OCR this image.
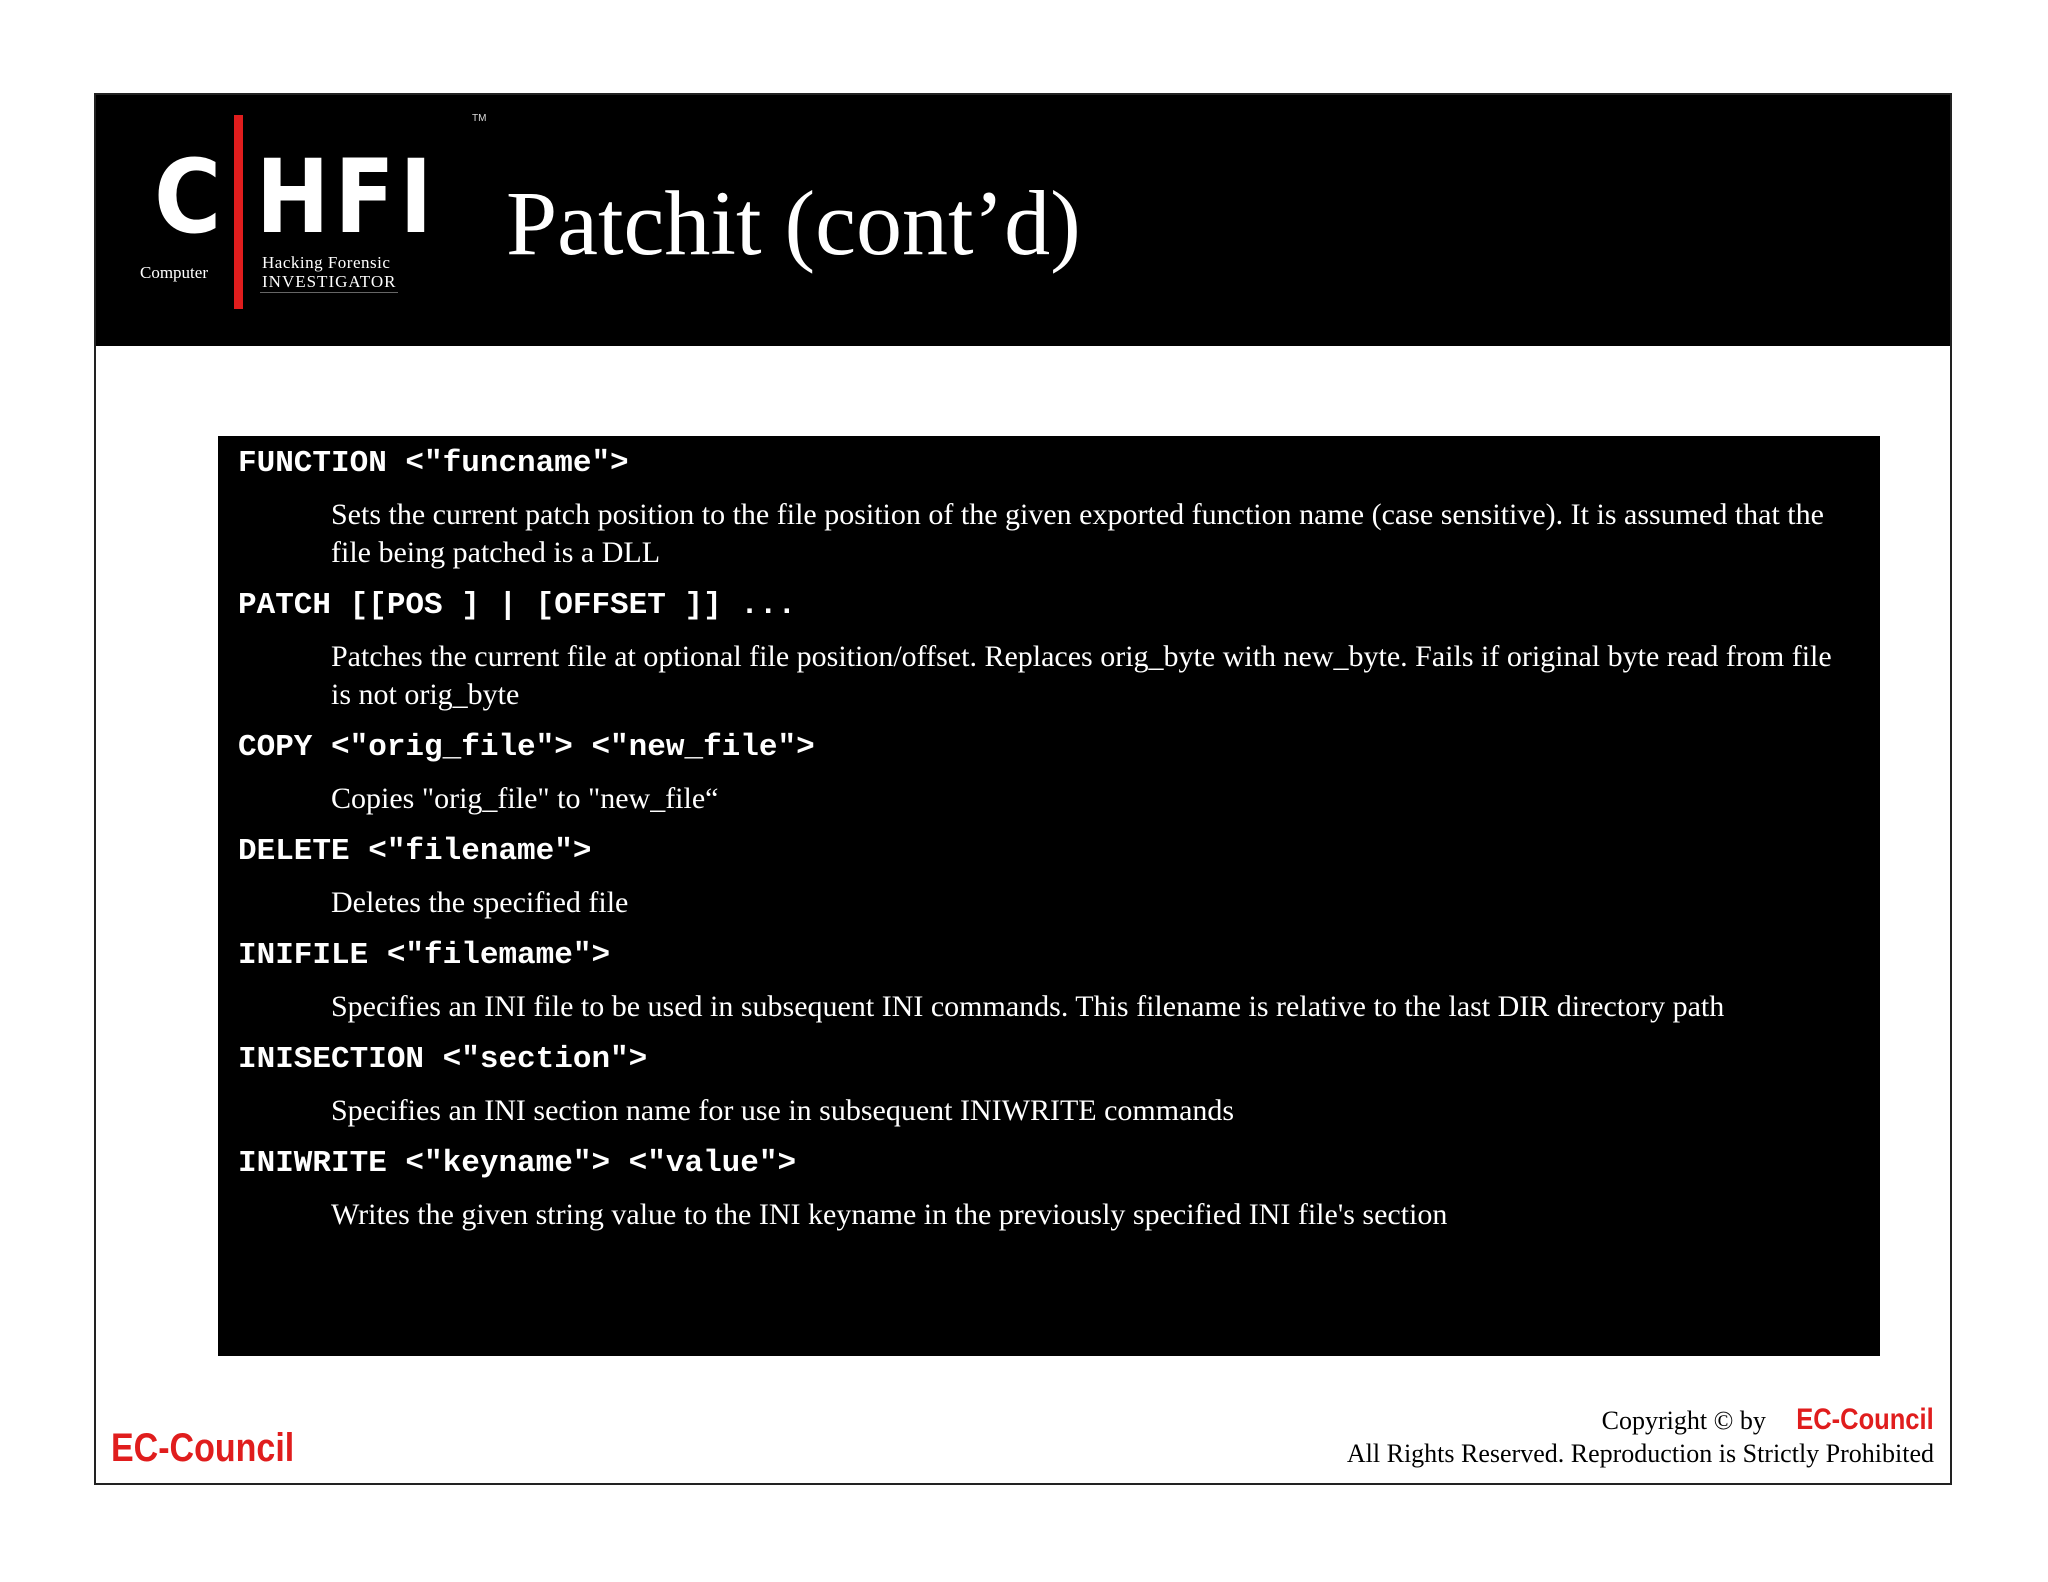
TM
C HFI
Computer
Hacking Forensic
INVESTIGATOR
Patchit (cont’d)

FUNCTION <"funcname">

Sets the current patch position to the file position of the given exported function name (case sensitive). It is assumed that the file being patched is a DLL

PATCH [[POS ] | [OFFSET ]] ...

Patches the current file at optional file position/offset. Replaces orig_byte with new_byte. Fails if original byte read from file is not orig_byte

COPY <"orig_file"> <"new_file">

Copies "orig_file" to "new_file“

DELETE <"filename">

Deletes the specified file

INIFILE <"filemame">

Specifies an INI file to be used in subsequent INI commands. This filename is relative to the last DIR directory path

INISECTION <"section">

Specifies an INI section name for use in subsequent INIWRITE commands

INIWRITE <"keyname"> <"value">

Writes the given string value to the INI keyname in the previously specified INI file's section

EC-Council
Copyright © by EC-Council
All Rights Reserved. Reproduction is Strictly Prohibited
